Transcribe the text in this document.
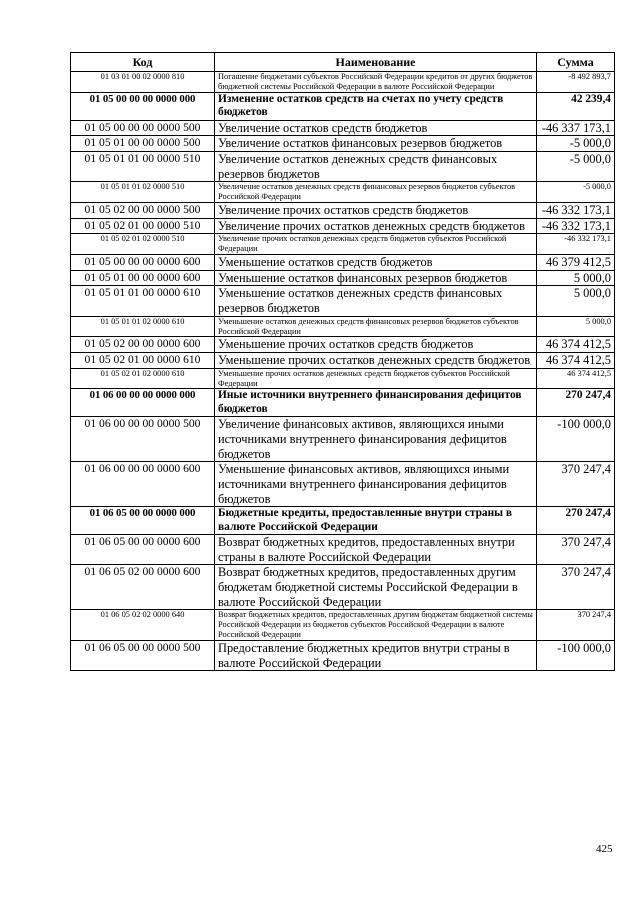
Код	Наименование	Сумма
01 03 01 00 02 0000 810	Погашение бюджетами субъектов Российской Федерации кредитов от других бюджетов бюджетной системы Российской Федерации в валюте Российской Федерации	-8 492 893,7
01 05 00 00 00 0000 000	Изменение остатков средств на счетах по учету средств бюджетов	42 239,4
01 05 00 00 00 0000 500	Увеличение остатков средств бюджетов	-46 337 173,1
01 05 01 00 00 0000 500	Увеличение остатков финансовых резервов бюджетов	-5 000,0
01 05 01 01 00 0000 510	Увеличение остатков денежных средств финансовых резервов бюджетов	-5 000,0
01 05 01 01 02 0000 510	Увеличение остатков денежных средств финансовых резервов бюджетов субъектов Российской Федерации	-5 000,0
01 05 02 00 00 0000 500	Увеличение прочих остатков средств бюджетов	-46 332 173,1
01 05 02 01 00 0000 510	Увеличение прочих остатков денежных средств бюджетов	-46 332 173,1
01 05 02 01 02 0000 510	Увеличение прочих остатков денежных средств бюджетов субъектов Российской Федерации	-46 332 173,1
01 05 00 00 00 0000 600	Уменьшение остатков средств бюджетов	46 379 412,5
01 05 01 00 00 0000 600	Уменьшение остатков финансовых резервов бюджетов	5 000,0
01 05 01 01 00 0000 610	Уменьшение остатков денежных средств финансовых резервов бюджетов	5 000,0
01 05 01 01 02 0000 610	Уменьшение остатков денежных средств финансовых резервов бюджетов субъектов Российской Федерации	5 000,0
01 05 02 00 00 0000 600	Уменьшение прочих остатков средств бюджетов	46 374 412,5
01 05 02 01 00 0000 610	Уменьшение прочих остатков денежных средств бюджетов	46 374 412,5
01 05 02 01 02 0000 610	Уменьшение прочих остатков денежных средств бюджетов субъектов Российской Федерации	46 374 412,5
01 06 00 00 00 0000 000	Иные источники внутреннего финансирования дефицитов бюджетов	270 247,4
01 06 00 00 00 0000 500	Увеличение финансовых активов, являющихся иными источниками внутреннего финансирования дефицитов бюджетов	-100 000,0
01 06 00 00 00 0000 600	Уменьшение финансовых активов, являющихся иными источниками внутреннего финансирования дефицитов бюджетов	370 247,4
01 06 05 00 00 0000 000	Бюджетные кредиты, предоставленные внутри страны в валюте Российской Федерации	270 247,4
01 06 05 00 00 0000 600	Возврат бюджетных кредитов, предоставленных внутри страны в валюте Российской Федерации	370 247,4
01 06 05 02 00 0000 600	Возврат бюджетных кредитов, предоставленных другим бюджетам бюджетной системы Российской Федерации в валюте Российской Федерации	370 247,4
01 06 05 02 02 0000 640	Возврат бюджетных кредитов, предоставленных другим бюджетам бюджетной системы Российской Федерации из бюджетов субъектов Российской Федерации в валюте Российской Федерации	370 247,4
01 06 05 00 00 0000 500	Предоставление бюджетных кредитов внутри страны в валюте Российской Федерации	-100 000,0
425
